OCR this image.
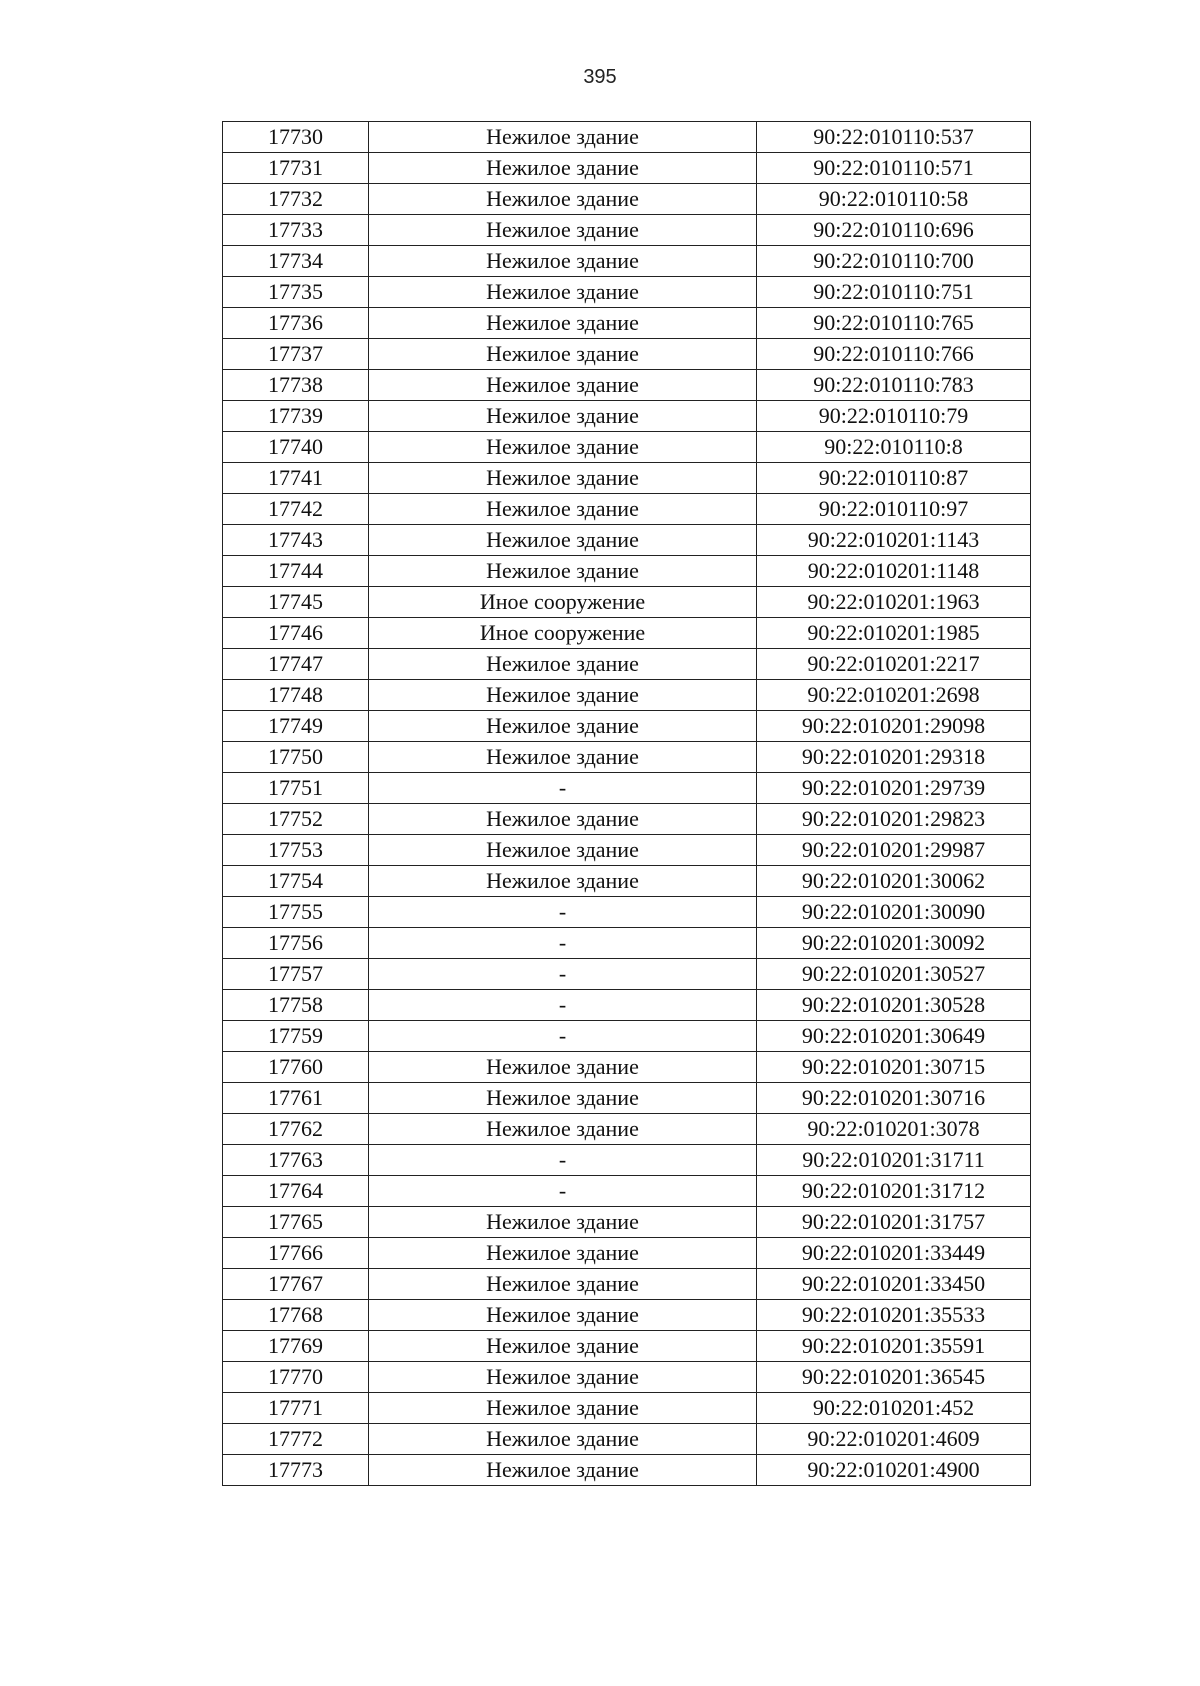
395
17730	Нежилое здание	90:22:010110:537
17731	Нежилое здание	90:22:010110:571
17732	Нежилое здание	90:22:010110:58
17733	Нежилое здание	90:22:010110:696
17734	Нежилое здание	90:22:010110:700
17735	Нежилое здание	90:22:010110:751
17736	Нежилое здание	90:22:010110:765
17737	Нежилое здание	90:22:010110:766
17738	Нежилое здание	90:22:010110:783
17739	Нежилое здание	90:22:010110:79
17740	Нежилое здание	90:22:010110:8
17741	Нежилое здание	90:22:010110:87
17742	Нежилое здание	90:22:010110:97
17743	Нежилое здание	90:22:010201:1143
17744	Нежилое здание	90:22:010201:1148
17745	Иное сооружение	90:22:010201:1963
17746	Иное сооружение	90:22:010201:1985
17747	Нежилое здание	90:22:010201:2217
17748	Нежилое здание	90:22:010201:2698
17749	Нежилое здание	90:22:010201:29098
17750	Нежилое здание	90:22:010201:29318
17751	-	90:22:010201:29739
17752	Нежилое здание	90:22:010201:29823
17753	Нежилое здание	90:22:010201:29987
17754	Нежилое здание	90:22:010201:30062
17755	-	90:22:010201:30090
17756	-	90:22:010201:30092
17757	-	90:22:010201:30527
17758	-	90:22:010201:30528
17759	-	90:22:010201:30649
17760	Нежилое здание	90:22:010201:30715
17761	Нежилое здание	90:22:010201:30716
17762	Нежилое здание	90:22:010201:3078
17763	-	90:22:010201:31711
17764	-	90:22:010201:31712
17765	Нежилое здание	90:22:010201:31757
17766	Нежилое здание	90:22:010201:33449
17767	Нежилое здание	90:22:010201:33450
17768	Нежилое здание	90:22:010201:35533
17769	Нежилое здание	90:22:010201:35591
17770	Нежилое здание	90:22:010201:36545
17771	Нежилое здание	90:22:010201:452
17772	Нежилое здание	90:22:010201:4609
17773	Нежилое здание	90:22:010201:4900
